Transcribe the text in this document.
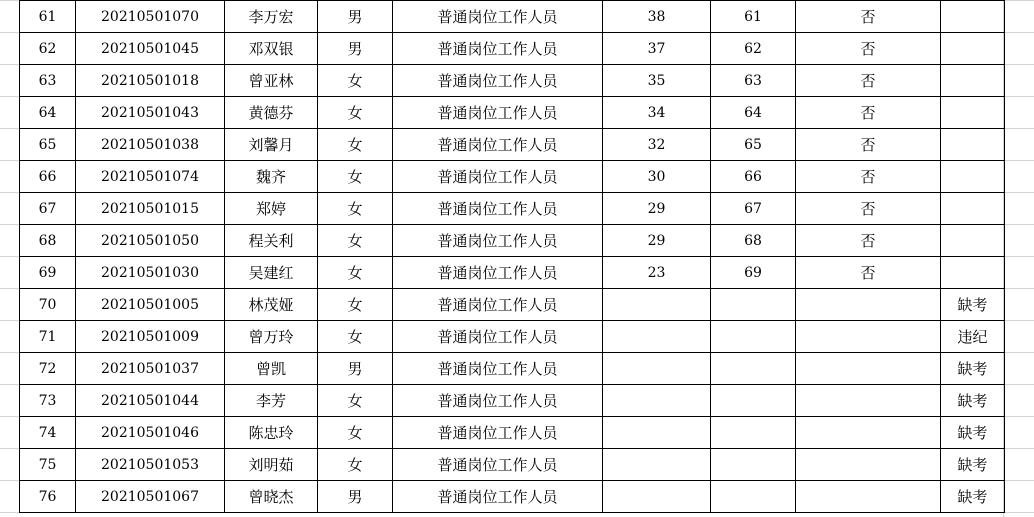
61	20210501070	李万宏	男	普通岗位工作人员	38	61	否	
62	20210501045	邓双银	男	普通岗位工作人员	37	62	否	
63	20210501018	曾亚林	女	普通岗位工作人员	35	63	否	
64	20210501043	黄德芬	女	普通岗位工作人员	34	64	否	
65	20210501038	刘馨月	女	普通岗位工作人员	32	65	否	
66	20210501074	魏齐	女	普通岗位工作人员	30	66	否	
67	20210501015	郑婷	女	普通岗位工作人员	29	67	否	
68	20210501050	程关利	女	普通岗位工作人员	29	68	否	
69	20210501030	吴建红	女	普通岗位工作人员	23	69	否	
70	20210501005	林茂娅	女	普通岗位工作人员				缺考
71	20210501009	曾万玲	女	普通岗位工作人员				违纪
72	20210501037	曾凯	男	普通岗位工作人员				缺考
73	20210501044	李芳	女	普通岗位工作人员				缺考
74	20210501046	陈忠玲	女	普通岗位工作人员				缺考
75	20210501053	刘明茹	女	普通岗位工作人员				缺考
76	20210501067	曾晓杰	男	普通岗位工作人员				缺考
